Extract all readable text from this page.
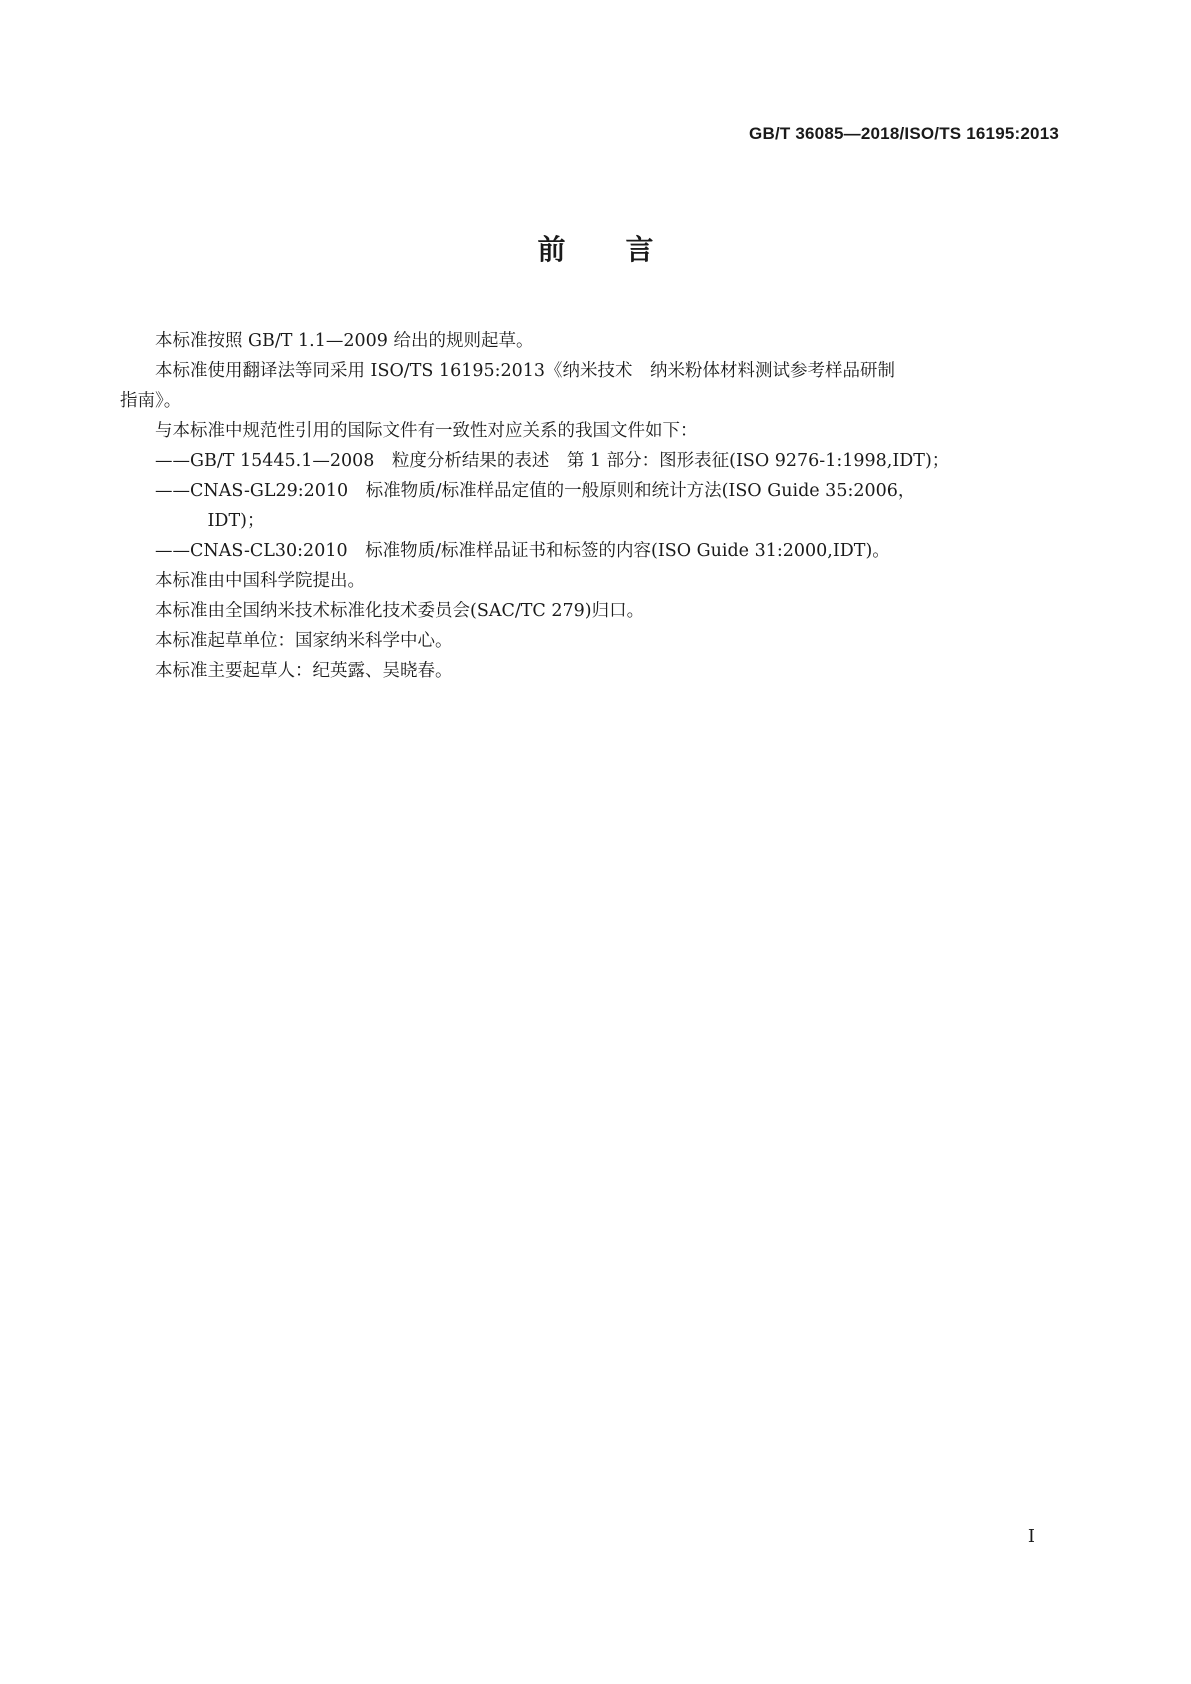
GB/T 36085—2018/ISO/TS 16195:2013
前 言
本标准按照 GB/T 1.1—2009 给出的规则起草。
本标准使用翻译法等同采用 ISO/TS 16195:2013《纳米技术　纳米粉体材料测试参考样品研制
指南》。
与本标准中规范性引用的国际文件有一致性对应关系的我国文件如下：
——GB/T 15445.1—2008　粒度分析结果的表述　第 1 部分：图形表征(ISO 9276-1:1998,IDT)；
——CNAS-GL29:2010　标准物质/标准样品定值的一般原则和统计方法(ISO Guide 35:2006，
IDT)；
——CNAS-CL30:2010　标准物质/标准样品证书和标签的内容(ISO Guide 31:2000,IDT)。
本标准由中国科学院提出。
本标准由全国纳米技术标准化技术委员会(SAC/TC 279)归口。
本标准起草单位：国家纳米科学中心。
本标准主要起草人：纪英露、吴晓春。
I
